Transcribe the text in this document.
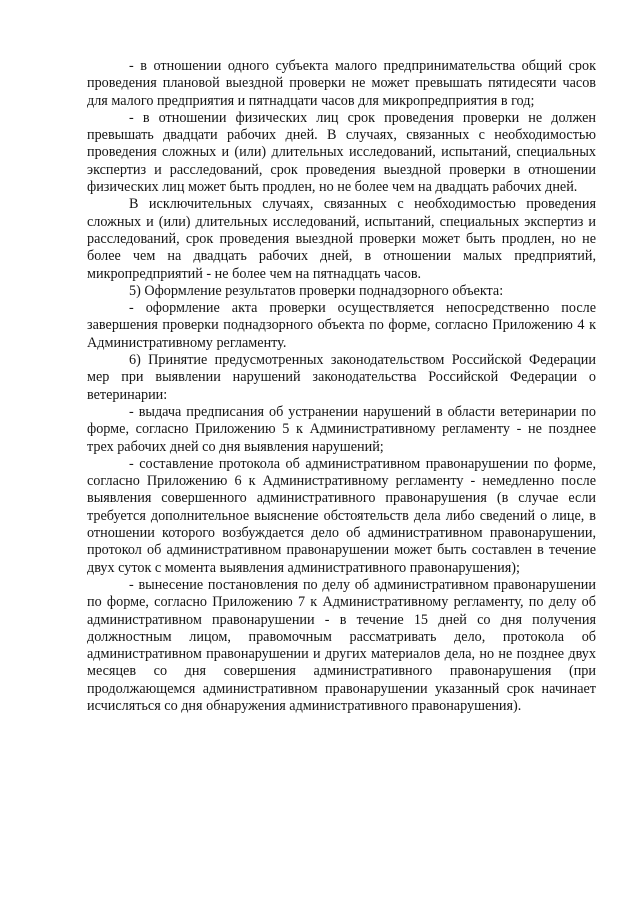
- в отношении одного субъекта малого предпринимательства общий срок проведения плановой выездной проверки не может превышать пятидесяти часов для малого предприятия и пятнадцати часов для микропредприятия в год;

- в отношении физических лиц срок проведения проверки не должен превышать двадцати рабочих дней. В случаях, связанных с необходимостью проведения сложных и (или) длительных исследований, испытаний, специальных экспертиз и расследований, срок проведения выездной проверки в отношении физических лиц может быть продлен, но не более чем на двадцать рабочих дней.

В исключительных случаях, связанных с необходимостью проведения сложных и (или) длительных исследований, испытаний, специальных экспертиз и расследований, срок проведения выездной проверки может быть продлен, но не более чем на двадцать рабочих дней, в отношении малых предприятий, микропредприятий - не более чем на пятнадцать часов.

5) Оформление результатов проверки поднадзорного объекта:

- оформление акта проверки осуществляется непосредственно после завершения проверки поднадзорного объекта по форме, согласно Приложению 4 к Административному регламенту.

6) Принятие предусмотренных законодательством Российской Федерации мер при выявлении нарушений законодательства Российской Федерации о ветеринарии:

- выдача предписания об устранении нарушений в области ветеринарии по форме, согласно Приложению 5 к Административному регламенту - не позднее трех рабочих дней со дня выявления нарушений;

- составление протокола об административном правонарушении по форме, согласно Приложению 6 к Административному регламенту - немедленно после выявления совершенного административного правонарушения (в случае если требуется дополнительное выяснение обстоятельств дела либо сведений о лице, в отношении которого возбуждается дело об административном правонарушении, протокол об административном правонарушении может быть составлен в течение двух суток с момента выявления административного правонарушения);

- вынесение постановления по делу об административном правонарушении по форме, согласно Приложению 7 к Административному регламенту, по делу об административном правонарушении - в течение 15 дней со дня получения должностным лицом, правомочным рассматривать дело, протокола об административном правонарушении и других материалов дела, но не позднее двух месяцев со дня совершения административного правонарушения (при продолжающемся административном правонарушении указанный срок начинает исчисляться со дня обнаружения административного правонарушения).
